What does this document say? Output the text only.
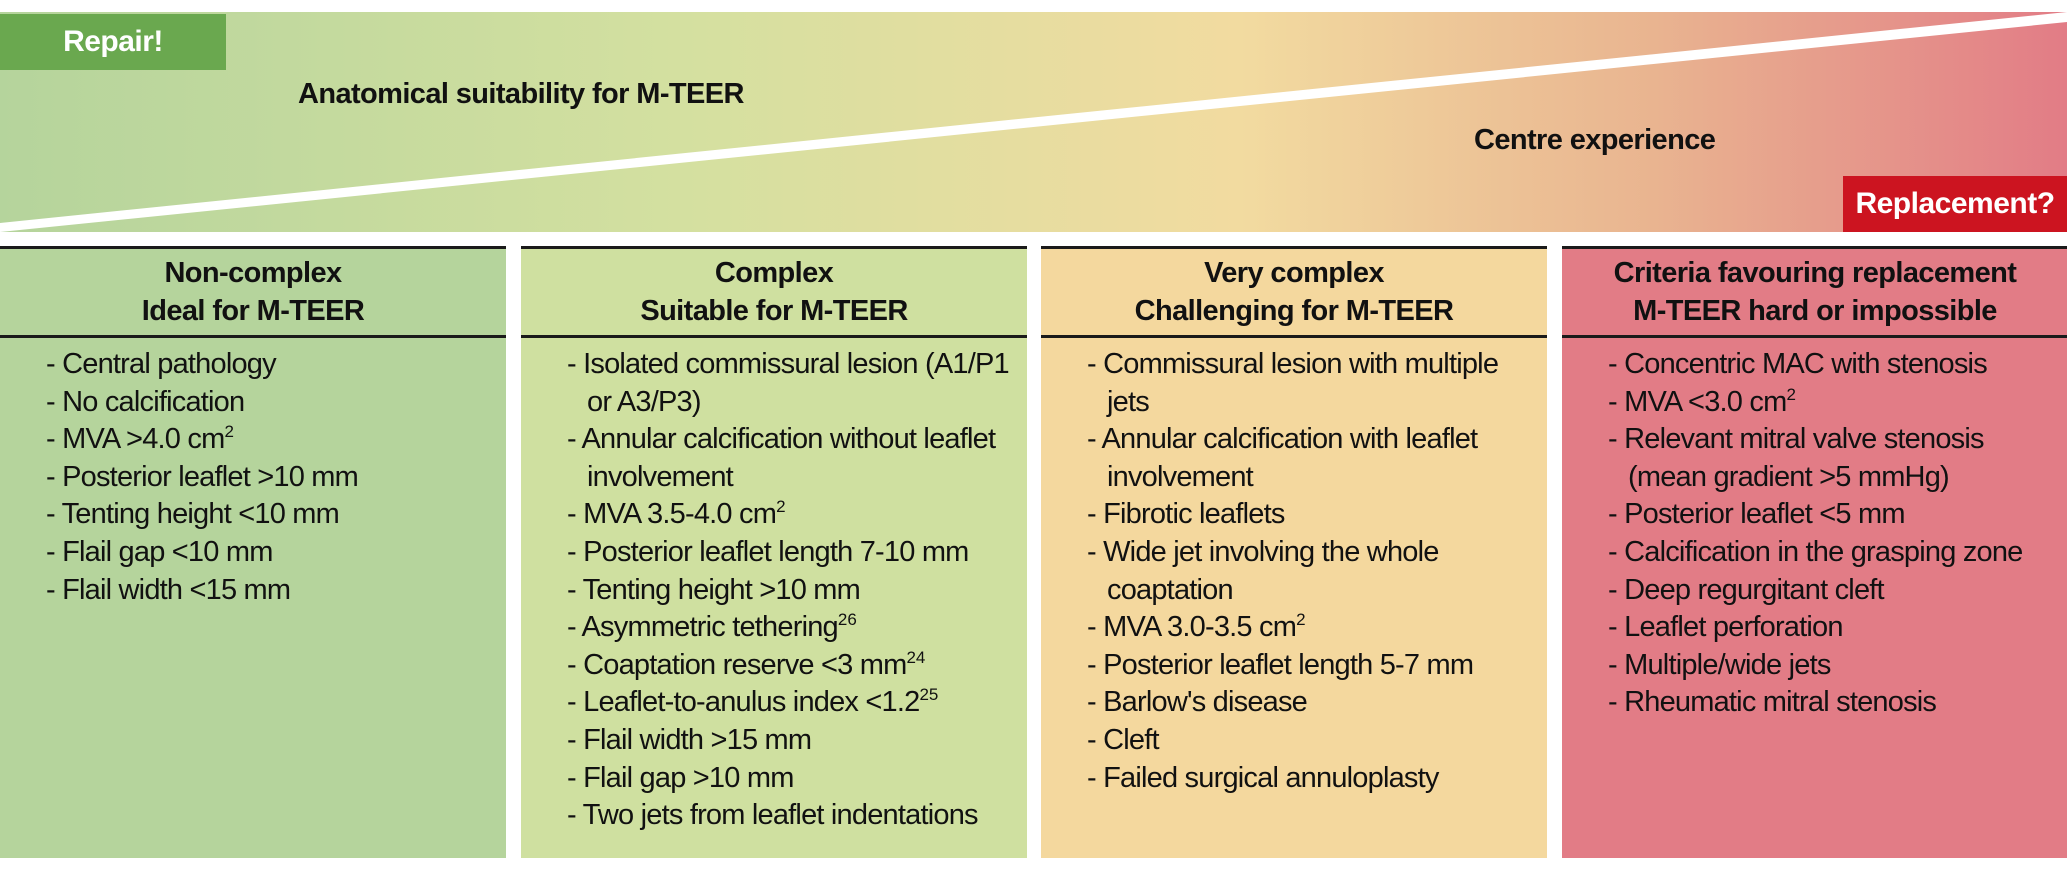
Repair!
Replacement?
Anatomical suitability for M-TEER
Centre experience
Non-complex
Ideal for M-TEER
- Central pathology
- No calcification
- MVA >4.0 $cm^2$
- Posterior leaflet >10 mm
- Tenting height <10 mm
- Flail gap <10 mm
- Flail width <15 mm
Complex
Suitable for M-TEER
- Isolated commissural lesion (A1/P1 or A3/P3)
- Annular calcification without leaflet involvement
- MVA 3.5-4.0 $cm^2$
- Posterior leaflet length 7-10 mm
- Tenting height >10 mm
- Asymmetric tethering$^{26}$
- Coaptation reserve <3 $mm^{24}$
- Leaflet-to-anulus index $<1.2^{25}$
- Flail width >15 mm
- Flail gap >10 mm
- Two jets from leaflet indentations
Very complex
Challenging for M-TEER
- Commissural lesion with multiple jets
- Annular calcification with leaflet involvement
- Fibrotic leaflets
- Wide jet involving the whole coaptation
- MVA 3.0-3.5 $cm^2$
- Posterior leaflet length 5-7 mm
- Barlow's disease
- Cleft
- Failed surgical annuloplasty
Criteria favouring replacement
M-TEER hard or impossible
- Concentric MAC with stenosis
- MVA <3.0 $cm^2$
- Relevant mitral valve stenosis (mean gradient >5 mmHg)
- Posterior leaflet <5 mm
- Calcification in the grasping zone
- Deep regurgitant cleft
- Leaflet perforation
- Multiple/wide jets
- Rheumatic mitral stenosis
